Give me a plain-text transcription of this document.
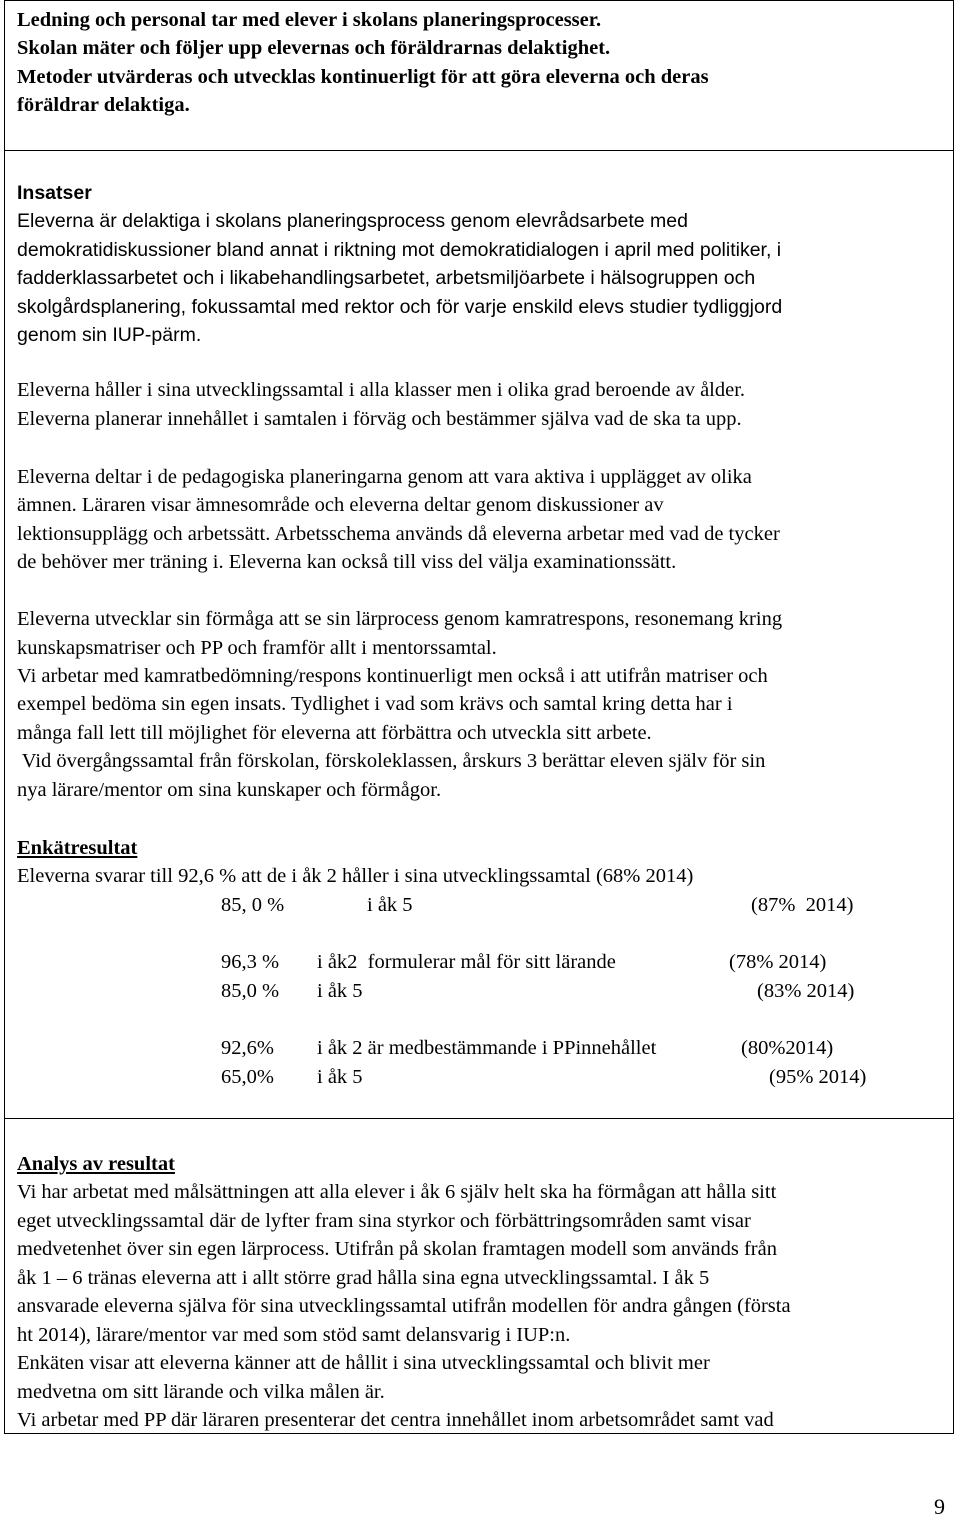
Ledning och personal tar med elever i skolans planeringsprocesser.
Skolan mäter och följer upp elevernas och föräldrarnas delaktighet.
Metoder utvärderas och utvecklas kontinuerligt för att göra eleverna och deras
föräldrar delaktiga.
Insatser
Eleverna är delaktiga i skolans planeringsprocess genom elevrådsarbete med
demokratidiskussioner bland annat i riktning mot demokratidialogen i april med politiker, i
fadderklassarbetet och i likabehandlingsarbetet, arbetsmiljöarbete i hälsogruppen och
skolgårdsplanering, fokussamtal med rektor och för varje enskild elevs studier tydliggjord
genom sin IUP-pärm.
Eleverna håller i sina utvecklingssamtal i alla klasser men i olika grad beroende av ålder.
Eleverna planerar innehållet i samtalen i förväg och bestämmer själva vad de ska ta upp.
Eleverna deltar i de pedagogiska planeringarna genom att vara aktiva i upplägget av olika
ämnen. Läraren visar ämnesområde och eleverna deltar genom diskussioner av
lektionsupplägg och arbetssätt. Arbetsschema används då eleverna arbetar med vad de tycker
de behöver mer träning i. Eleverna kan också till viss del välja examinationssätt.
Eleverna utvecklar sin förmåga att se sin lärprocess genom kamratrespons, resonemang kring
kunskapsmatriser och PP och framför allt i mentorssamtal.
Vi arbetar med kamratbedömning/respons kontinuerligt men också i att utifrån matriser och
exempel bedöma sin egen insats. Tydlighet i vad som krävs och samtal kring detta har i
många fall lett till möjlighet för eleverna att förbättra och utveckla sitt arbete.
Vid övergångssamtal från förskolan, förskoleklassen, årskurs 3 berättar eleven själv för sin
nya lärare/mentor om sina kunskaper och förmågor.
Enkätresultat
Eleverna svarar till 92,6 % att de i åk 2 håller i sina utvecklingssamtal (68% 2014)
85, 0 %	i åk 5	(87%  2014)
96,3 % i åk2  formulerar mål för sitt lärande	(78% 2014)
85,0 % i åk 5	(83% 2014)
92,6% i åk 2 är medbestämmande i PPinnehållet	(80%2014)
65,0% i åk 5	(95% 2014)
Analys av resultat
Vi har arbetat med målsättningen att alla elever i åk 6 själv helt ska ha förmågan att hålla sitt
eget utvecklingssamtal där de lyfter fram sina styrkor och förbättringsområden samt visar
medvetenhet över sin egen lärprocess. Utifrån på skolan framtagen modell som används från
åk 1 – 6 tränas eleverna att i allt större grad hålla sina egna utvecklingssamtal. I åk 5
ansvarade eleverna själva för sina utvecklingssamtal utifrån modellen för andra gången (första
ht 2014), lärare/mentor var med som stöd samt delansvarig i IUP:n.
Enkäten visar att eleverna känner att de hållit i sina utvecklingssamtal och blivit mer
medvetna om sitt lärande och vilka målen är.
Vi arbetar med PP där läraren presenterar det centra innehållet inom arbetsområdet samt vad
9
